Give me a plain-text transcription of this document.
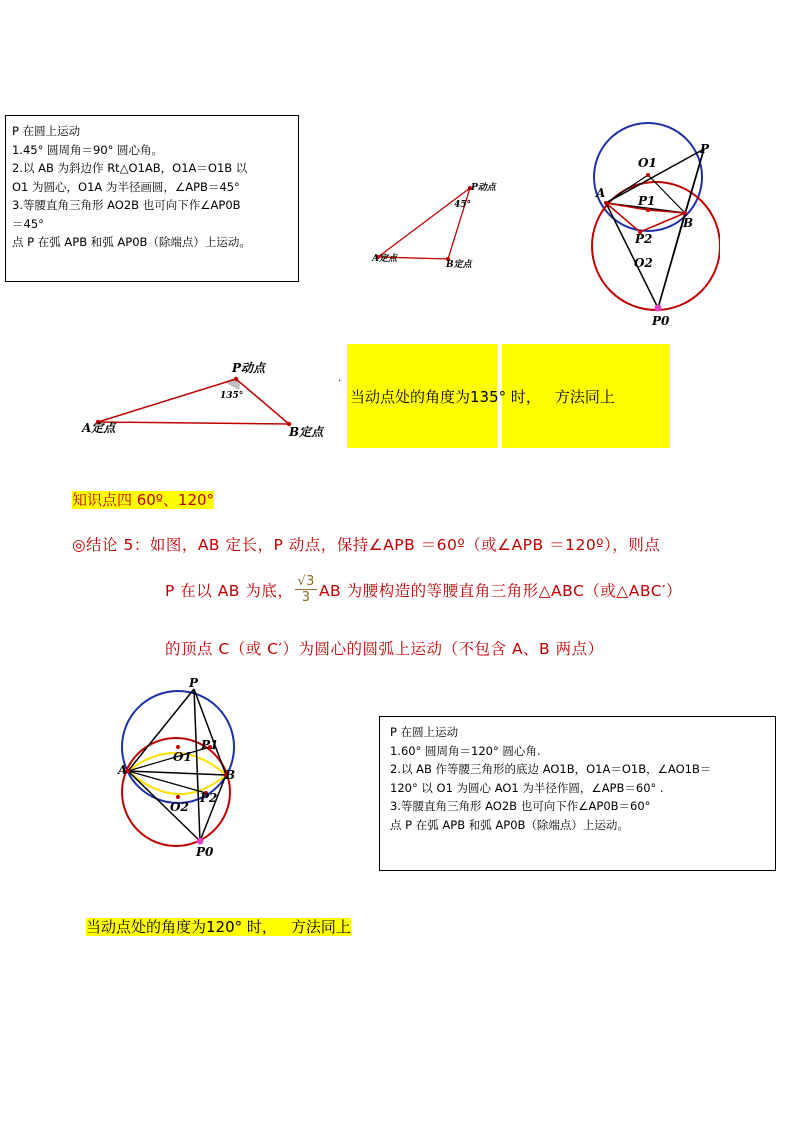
P 在圆上运动
1.45° 圆周角＝90° 圆心角。
2.以 AB 为斜边作 Rt△O1AB，O1A＝O1B 以
O1 为圆心，O1A 为半径画圆，∠APB＝45°
3.等腰直角三角形 AO2B 也可向下作∠AP0B
＝45°
点 P 在弧 APB 和弧 AP0B（除端点）上运动。
P动点
45°
A定点
B定点
P
O1
A
P1
B
P2
O2
P0
P动点
135°
A定点	B定点
·
当动点处的角度为135° 时， 方法同上
知识点四 60º、120°
◎结论 5：如图，AB 定长，P 动点，保持∠APB ＝60º（或∠APB ＝120º），则点
P 在以 AB 为底， $\frac{√3}{3}$ AB 为腰构造的等腰直角三角形△ABC（或△ABC′）
的顶点 C（或 C′）为圆心的圆弧上运动（不包含 A、B 两点）
P
P1
O1
A	B
P2
O2
P0
P 在圆上运动
1.60° 圆周角＝120° 圆心角.
2.以 AB 作等腰三角形的底边 AO1B，O1A＝O1B，∠AO1B＝
120° 以 O1 为圆心 AO1 为半径作圆，∠APB＝60° .
3.等腰直角三角形 AO2B 也可向下作∠AP0B＝60°
点 P 在弧 APB 和弧 AP0B（除端点）上运动。
当动点处的角度为120° 时， 方法同上
